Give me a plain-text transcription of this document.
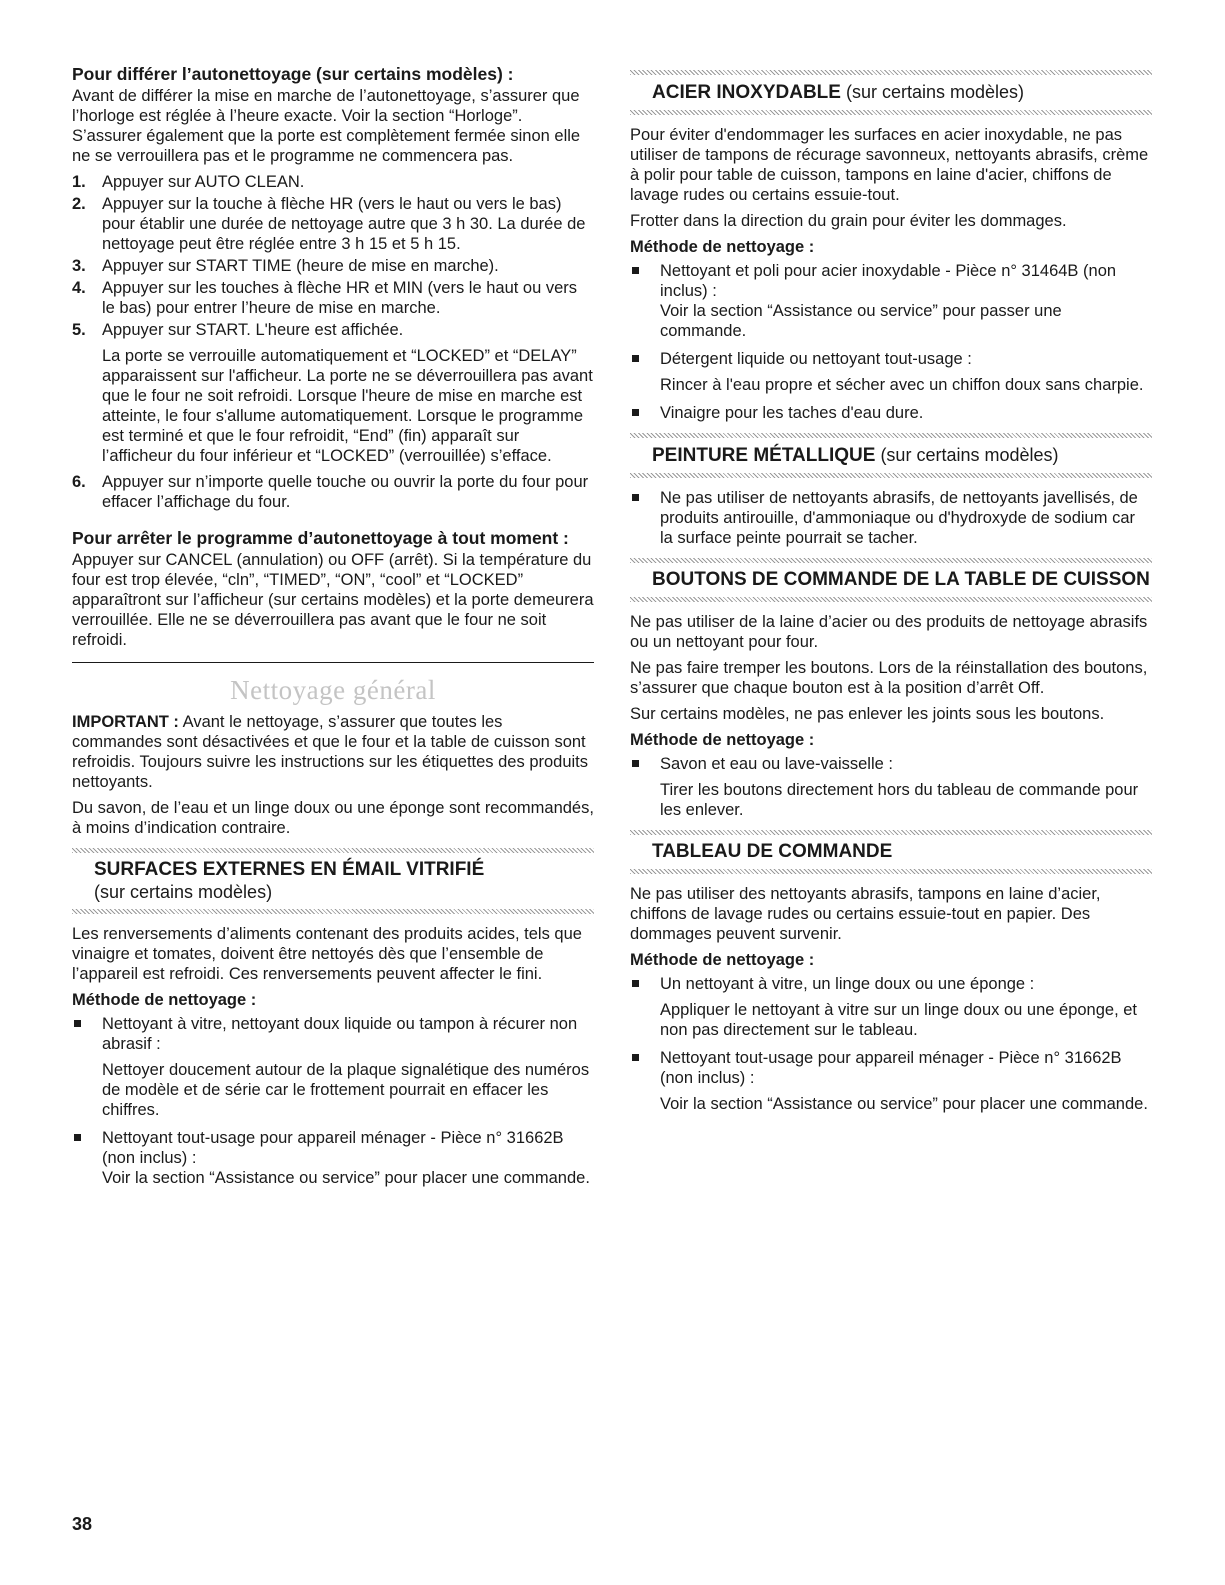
Pour différer l’autonettoyage (sur certains modèles) :

Avant de différer la mise en marche de l’autonettoyage, s’assurer que l’horloge est réglée à l’heure exacte. Voir la section “Horloge”. S’assurer également que la porte est complètement fermée sinon elle ne se verrouillera pas et le programme ne commencera pas.

1. Appuyer sur AUTO CLEAN.
2. Appuyer sur la touche à flèche HR (vers le haut ou vers le bas) pour établir une durée de nettoyage autre que 3 h 30. La durée de nettoyage peut être réglée entre 3 h 15 et 5 h 15.
3. Appuyer sur START TIME (heure de mise en marche).
4. Appuyer sur les touches à flèche HR et MIN (vers le haut ou vers le bas) pour entrer l’heure de mise en marche.
5. Appuyer sur START. L'heure est affichée.
La porte se verrouille automatiquement et “LOCKED” et “DELAY” apparaissent sur l'afficheur. La porte ne se déverrouillera pas avant que le four ne soit refroidi. Lorsque l'heure de mise en marche est atteinte, le four s'allume automatiquement. Lorsque le programme est terminé et que le four refroidit, “End” (fin) apparaît sur l’afficheur du four inférieur et “LOCKED” (verrouillée) s’efface.
6. Appuyer sur n’importe quelle touche ou ouvrir la porte du four pour effacer l’affichage du four.
Pour arrêter le programme d’autonettoyage à tout moment :

Appuyer sur CANCEL (annulation) ou OFF (arrêt). Si la température du four est trop élevée, “cln”, “TIMED”, “ON”, “cool” et “LOCKED” apparaîtront sur l’afficheur (sur certains modèles) et la porte demeurera verrouillée. Elle ne se déverrouillera pas avant que le four ne soit refroidi.

Nettoyage général

IMPORTANT : Avant le nettoyage, s’assurer que toutes les commandes sont désactivées et que le four et la table de cuisson sont refroidis. Toujours suivre les instructions sur les étiquettes des produits nettoyants.

Du savon, de l’eau et un linge doux ou une éponge sont recommandés, à moins d’indication contraire.

SURFACES EXTERNES EN ÉMAIL VITRIFIÉ
(sur certains modèles)

Les renversements d’aliments contenant des produits acides, tels que vinaigre et tomates, doivent être nettoyés dès que l’ensemble de l’appareil est refroidi. Ces renversements peuvent affecter le fini.

Méthode de nettoyage :
Nettoyant à vitre, nettoyant doux liquide ou tampon à récurer non abrasif :
Nettoyer doucement autour de la plaque signalétique des numéros de modèle et de série car le frottement pourrait en effacer les chiffres.
Nettoyant tout-usage pour appareil ménager - Pièce n° 31662B (non inclus) :
Voir la section “Assistance ou service” pour placer une commande.
ACIER INOXYDABLE (sur certains modèles)

Pour éviter d'endommager les surfaces en acier inoxydable, ne pas utiliser de tampons de récurage savonneux, nettoyants abrasifs, crème à polir pour table de cuisson, tampons en laine d'acier, chiffons de lavage rudes ou certains essuie-tout.

Frotter dans la direction du grain pour éviter les dommages.

Méthode de nettoyage :
Nettoyant et poli pour acier inoxydable - Pièce n° 31464B (non inclus) :
Voir la section “Assistance ou service” pour passer une commande.
Détergent liquide ou nettoyant tout-usage :
Rincer à l'eau propre et sécher avec un chiffon doux sans charpie.
Vinaigre pour les taches d'eau dure.
PEINTURE MÉTALLIQUE (sur certains modèles)
Ne pas utiliser de nettoyants abrasifs, de nettoyants javellisés, de produits antirouille, d'ammoniaque ou d'hydroxyde de sodium car la surface peinte pourrait se tacher.
BOUTONS DE COMMANDE DE LA TABLE DE CUISSON

Ne pas utiliser de la laine d’acier ou des produits de nettoyage abrasifs ou un nettoyant pour four.

Ne pas faire tremper les boutons. Lors de la réinstallation des boutons, s’assurer que chaque bouton est à la position d’arrêt Off.

Sur certains modèles, ne pas enlever les joints sous les boutons.

Méthode de nettoyage :
Savon et eau ou lave-vaisselle :
Tirer les boutons directement hors du tableau de commande pour les enlever.
TABLEAU DE COMMANDE

Ne pas utiliser des nettoyants abrasifs, tampons en laine d’acier, chiffons de lavage rudes ou certains essuie-tout en papier. Des dommages peuvent survenir.

Méthode de nettoyage :
Un nettoyant à vitre, un linge doux ou une éponge :
Appliquer le nettoyant à vitre sur un linge doux ou une éponge, et non pas directement sur le tableau.
Nettoyant tout-usage pour appareil ménager - Pièce n° 31662B (non inclus) :
Voir la section “Assistance ou service” pour placer une commande.
38
